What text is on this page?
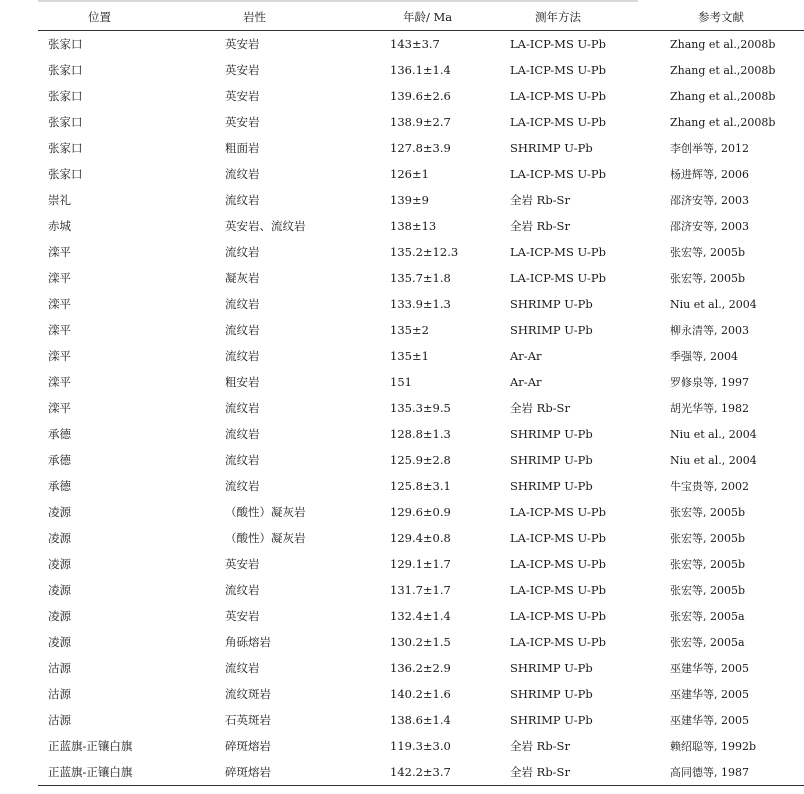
位置	岩性	年龄/ Ma	测年方法	参考文献
张家口	英安岩	143±3.7	LA-ICP-MS U-Pb	Zhang et al.,2008b
张家口	英安岩	136.1±1.4	LA-ICP-MS U-Pb	Zhang et al.,2008b
张家口	英安岩	139.6±2.6	LA-ICP-MS U-Pb	Zhang et al.,2008b
张家口	英安岩	138.9±2.7	LA-ICP-MS U-Pb	Zhang et al.,2008b
张家口	粗面岩	127.8±3.9	SHRIMP U-Pb	李创举等, 2012
张家口	流纹岩	126±1	LA-ICP-MS U-Pb	杨进辉等, 2006
崇礼	流纹岩	139±9	全岩 Rb-Sr	邵济安等, 2003
赤城	英安岩、流纹岩	138±13	全岩 Rb-Sr	邵济安等, 2003
滦平	流纹岩	135.2±12.3	LA-ICP-MS U-Pb	张宏等, 2005b
滦平	凝灰岩	135.7±1.8	LA-ICP-MS U-Pb	张宏等, 2005b
滦平	流纹岩	133.9±1.3	SHRIMP U-Pb	Niu et al., 2004
滦平	流纹岩	135±2	SHRIMP U-Pb	柳永清等, 2003
滦平	流纹岩	135±1	Ar-Ar	季强等, 2004
滦平	粗安岩	151	Ar-Ar	罗修泉等, 1997
滦平	流纹岩	135.3±9.5	全岩 Rb-Sr	胡光华等, 1982
承德	流纹岩	128.8±1.3	SHRIMP U-Pb	Niu et al., 2004
承德	流纹岩	125.9±2.8	SHRIMP U-Pb	Niu et al., 2004
承德	流纹岩	125.8±3.1	SHRIMP U-Pb	牛宝贵等, 2002
凌源	（酸性）凝灰岩	129.6±0.9	LA-ICP-MS U-Pb	张宏等, 2005b
凌源	（酸性）凝灰岩	129.4±0.8	LA-ICP-MS U-Pb	张宏等, 2005b
凌源	英安岩	129.1±1.7	LA-ICP-MS U-Pb	张宏等, 2005b
凌源	流纹岩	131.7±1.7	LA-ICP-MS U-Pb	张宏等, 2005b
凌源	英安岩	132.4±1.4	LA-ICP-MS U-Pb	张宏等, 2005a
凌源	角砾熔岩	130.2±1.5	LA-ICP-MS U-Pb	张宏等, 2005a
沽源	流纹岩	136.2±2.9	SHRIMP U-Pb	巫建华等, 2005
沽源	流纹斑岩	140.2±1.6	SHRIMP U-Pb	巫建华等, 2005
沽源	石英斑岩	138.6±1.4	SHRIMP U-Pb	巫建华等, 2005
正蓝旗-正镶白旗	碎斑熔岩	119.3±3.0	全岩 Rb-Sr	赖绍聪等, 1992b
正蓝旗-正镶白旗	碎斑熔岩	142.2±3.7	全岩 Rb-Sr	高同德等, 1987
